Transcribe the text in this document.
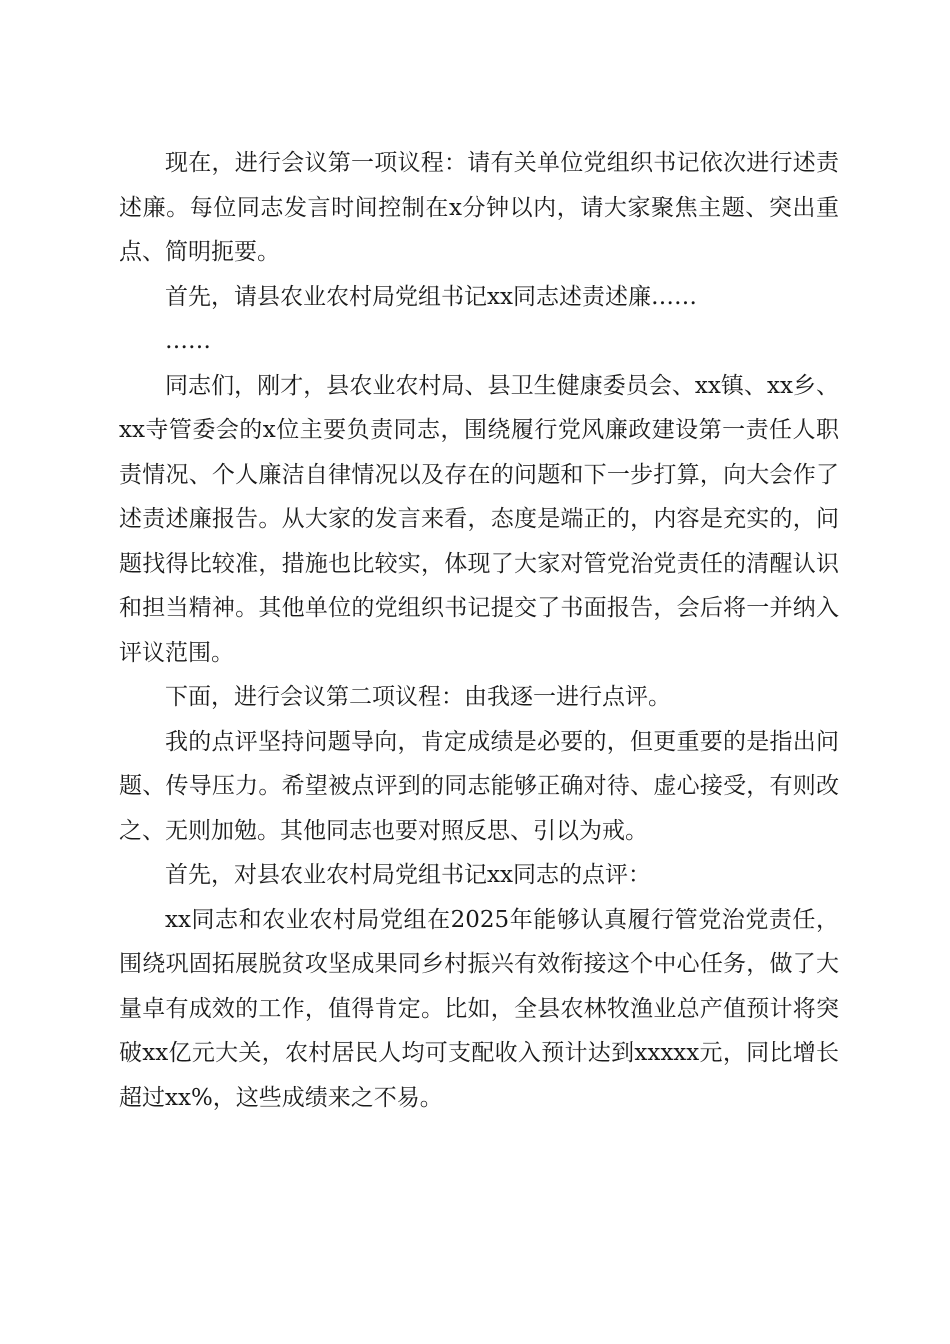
现在，进行会议第一项议程：请有关单位党组织书记依次进行述责述廉。每位同志发言时间控制在x分钟以内，请大家聚焦主题、突出重点、简明扼要。

首先，请县农业农村局党组书记xx同志述责述廉……

……

同志们，刚才，县农业农村局、县卫生健康委员会、xx镇、xx乡、xx寺管委会的x位主要负责同志，围绕履行党风廉政建设第一责任人职责情况、个人廉洁自律情况以及存在的问题和下一步打算，向大会作了述责述廉报告。从大家的发言来看，态度是端正的，内容是充实的，问题找得比较准，措施也比较实，体现了大家对管党治党责任的清醒认识和担当精神。其他单位的党组织书记提交了书面报告，会后将一并纳入评议范围。

下面，进行会议第二项议程：由我逐一进行点评。

我的点评坚持问题导向，肯定成绩是必要的，但更重要的是指出问题、传导压力。希望被点评到的同志能够正确对待、虚心接受，有则改之、无则加勉。其他同志也要对照反思、引以为戒。

首先，对县农业农村局党组书记xx同志的点评：

xx同志和农业农村局党组在2025年能够认真履行管党治党责任，围绕巩固拓展脱贫攻坚成果同乡村振兴有效衔接这个中心任务，做了大量卓有成效的工作，值得肯定。比如，全县农林牧渔业总产值预计将突破xx亿元大关，农村居民人均可支配收入预计达到xxxxx元，同比增长超过xx%，这些成绩来之不易。
